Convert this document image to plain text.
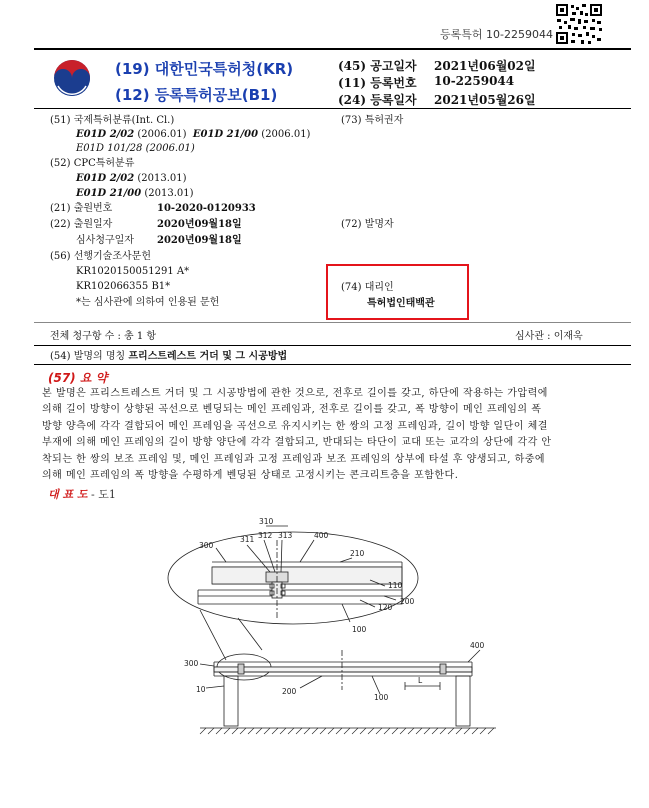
등록특허 10-2259044
(19) 대한민국특허청(KR)
(12) 등록특허공보(B1)
(45) 공고일자 2021년06월02일
(11) 등록번호 10-2259044
(24) 등록일자 2021년05월26일
(51) 국제특허분류(Int. Cl.)
E01D 2/02 (2006.01) E01D 21/00 (2006.01)
E01D 101/28 (2006.01)
(52) CPC특허분류
E01D 2/02 (2013.01)
E01D 21/00 (2013.01)
(21) 출원번호	10-2020-0120933
(22) 출원일자	2020년09월18일
심사청구일자 2020년09월18일
(56) 선행기술조사문헌
KR1020150051291 A*
KR102066355 B1*
*는 심사관에 의하여 인용된 문헌
(73) 특허권자
(72) 발명자
(74) 대리인
특허법인태백관
전체 청구항 수 : 총 1 항	심사관 : 이재욱
(54) 발명의 명칭 프리스트레스트 거더 및 그 시공방법
(57) 요 약
본 발명은 프리스트레스트 거더 및 그 시공방법에 관한 것으로, 전후로 길이를 갖고, 하단에 작용하는 가압력에
의해 길이 방향이 상향된 곡선으로 벤딩되는 메인 프레임과, 전후로 길이를 갖고, 폭 방향이 메인 프레임의 폭
방향 양측에 각각 결합되어 메인 프레임을 곡선으로 유지시키는 한 쌍의 고정 프레임과, 길이 방향 일단이 체결
부재에 의해 메인 프레임의 길이 방향 양단에 각각 결합되고, 반대되는 타단이 교대 또는 교각의 상단에 각각 안
착되는 한 쌍의 보조 프레임 및, 메인 프레임과 고정 프레임과 보조 프레임의 상부에 타설 후 양생되고, 하중에
의해 메인 프레임의 폭 방향을 수평하게 벤딩된 상태로 고정시키는 콘크리트층을 포함한다.
대 표 도 - 도1
310
311 312 313	400
300
210
110
200
120
100
400
300
L
10	200
100
